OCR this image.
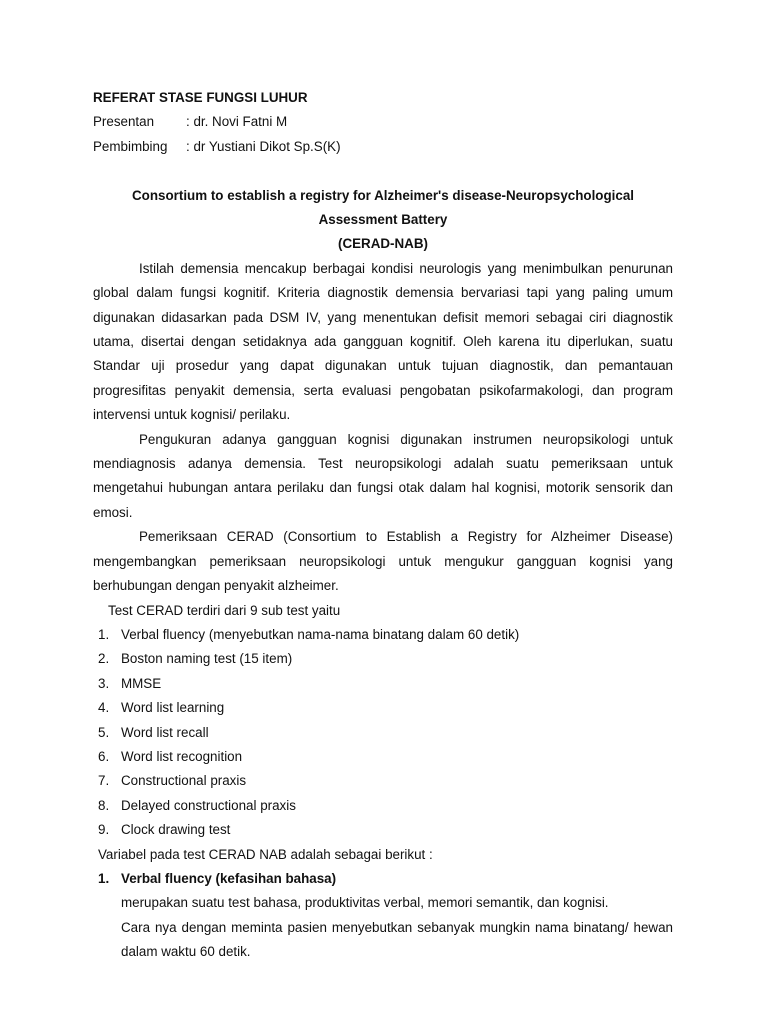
REFERAT STASE FUNGSI LUHUR

Presentan	: dr. Novi Fatni M
Pembimbing	: dr Yustiani Dikot Sp.S(K)

Consortium to establish a registry for Alzheimer's disease-Neuropsychological Assessment Battery

(CERAD-NAB)

Istilah demensia mencakup berbagai kondisi neurologis yang menimbulkan penurunan global dalam fungsi kognitif. Kriteria diagnostik demensia bervariasi tapi yang paling umum digunakan didasarkan pada DSM IV, yang menentukan defisit memori sebagai ciri diagnostik utama, disertai dengan setidaknya ada gangguan kognitif. Oleh karena itu diperlukan, suatu Standar uji prosedur yang dapat digunakan untuk tujuan diagnostik, dan pemantauan progresifitas penyakit demensia, serta evaluasi pengobatan psikofarmakologi, dan program intervensi untuk kognisi/ perilaku.

Pengukuran adanya gangguan kognisi digunakan instrumen neuropsikologi untuk mendiagnosis adanya demensia. Test neuropsikologi adalah suatu pemeriksaan untuk mengetahui hubungan antara perilaku dan fungsi otak dalam hal kognisi, motorik sensorik dan emosi.

Pemeriksaan CERAD (Consortium to Establish a Registry for Alzheimer Disease) mengembangkan pemeriksaan neuropsikologi untuk mengukur gangguan kognisi yang berhubungan dengan penyakit alzheimer.

Test CERAD terdiri dari 9 sub test yaitu

1. Verbal fluency (menyebutkan nama-nama binatang dalam 60 detik)
2. Boston naming test (15 item)
3. MMSE
4. Word list learning
5. Word list recall
6. Word list recognition
7. Constructional praxis
8. Delayed constructional praxis
9. Clock drawing test

Variabel pada test CERAD NAB adalah sebagai berikut :

1. Verbal fluency (kefasihan bahasa)

merupakan suatu test bahasa, produktivitas verbal, memori semantik, dan kognisi.

Cara nya dengan meminta pasien menyebutkan sebanyak mungkin nama binatang/ hewan dalam waktu 60 detik.
